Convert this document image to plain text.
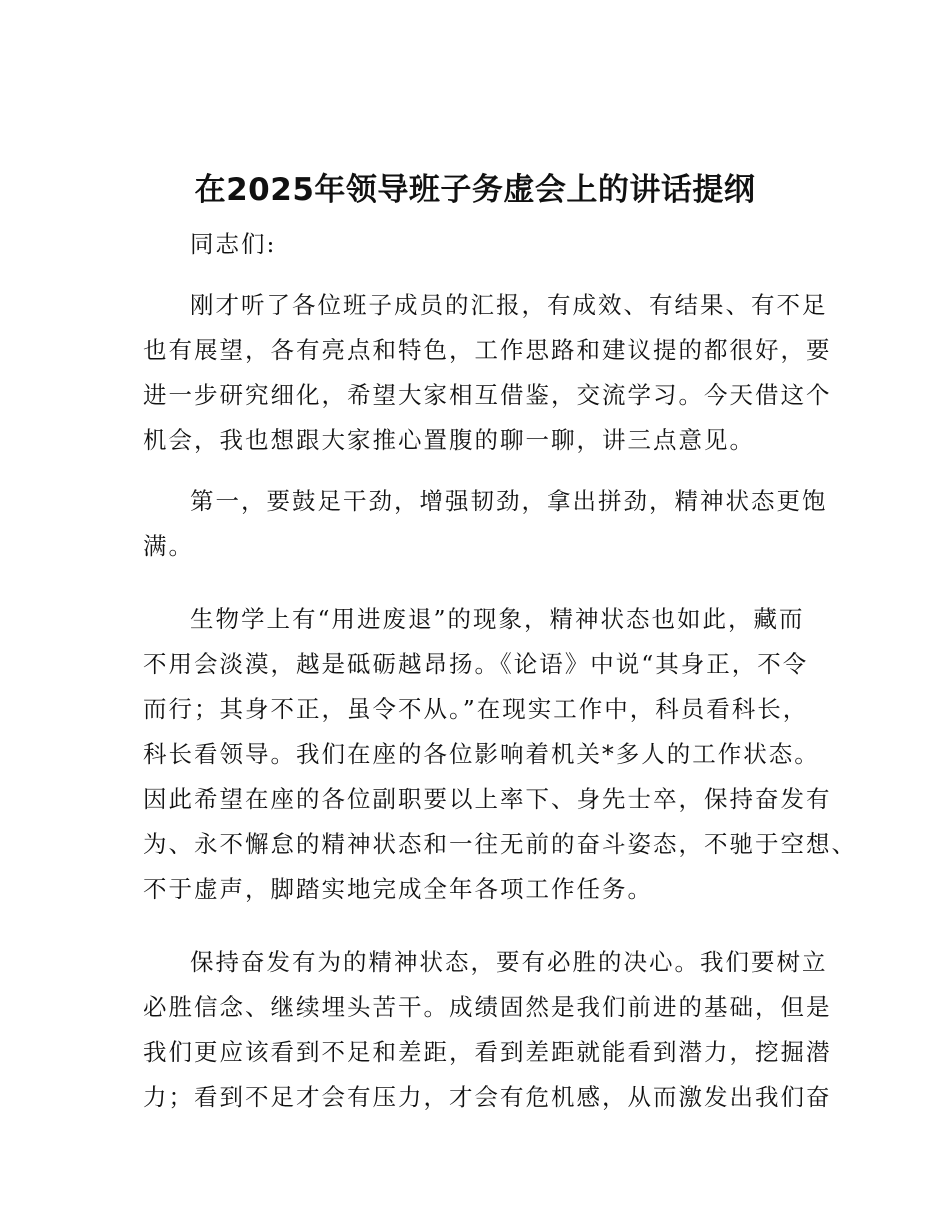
在2025年领导班子务虚会上的讲话提纲
同志们:
刚才听了各位班子成员的汇报，有成效、有结果、有不足
也有展望，各有亮点和特色，工作思路和建议提的都很好，要
进一步研究细化，希望大家相互借鉴，交流学习。今天借这个
机会，我也想跟大家推心置腹的聊一聊，讲三点意见。
第一，要鼓足干劲，增强韧劲，拿出拼劲，精神状态更饱
满。
生物学上有“用进废退”的现象，精神状态也如此，藏而
不用会淡漠，越是砥砺越昂扬。《论语》中说“其身正，不令
而行；其身不正，虽令不从。”在现实工作中，科员看科长，
科长看领导。我们在座的各位影响着机关*多人的工作状态。
因此希望在座的各位副职要以上率下、身先士卒，保持奋发有
为、永不懈怠的精神状态和一往无前的奋斗姿态，不驰于空想、
不于虚声，脚踏实地完成全年各项工作任务。
保持奋发有为的精神状态，要有必胜的决心。我们要树立
必胜信念、继续埋头苦干。成绩固然是我们前进的基础，但是
我们更应该看到不足和差距，看到差距就能看到潜力，挖掘潜
力；看到不足才会有压力，才会有危机感，从而激发出我们奋
